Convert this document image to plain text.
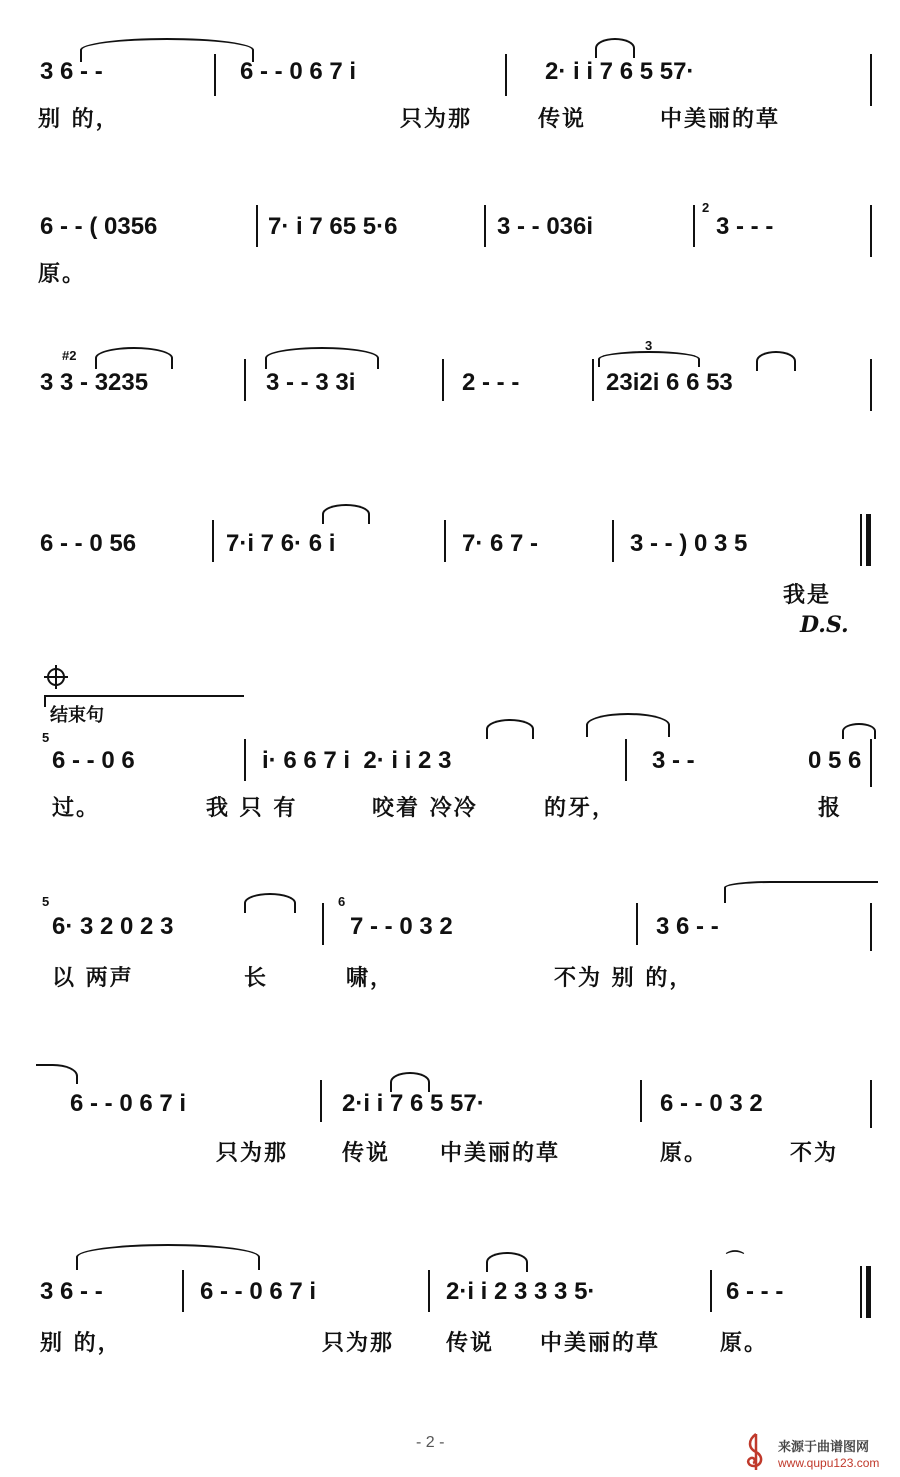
3 6 - -	6 - - 0 6 7 i	2· i i 7 6 5 57·
别 的，	只为那	传说	中美丽的草
6 - - ( 0356	7· i 7 65 5·6	3 - - 036i
2
3 - - -
原。
3
#2
3 3 - 3235	3 - - 3 3i	2 - - -	23i2i 6 6 53
6 - - 0 56	7·i 7 6· 6 i	7· 6 7 -	3 - - ) 0 3 5
我是
D.S.
结束句
5
6 - - 0 6	i· 6 6 7 i  2· i i 2 3	3 - -	0 5 6
过。	我 只 有	咬着 冷冷	的牙，	报
5	6
6· 3 2 0 2 3	7 - - 0 3 2	3 6 - -
以 两声	长	啸，	不为 别 的，
6 - - 0 6 7 i	2·i i 7 6 5 57·	6 - - 0 3 2
只为那 传说 中美丽的草	原。	不为
⌒
3 6 - -	6 - - 0 6 7 i	2·i i 2 3 3 3 5·	6 - - -
别 的，	只为那 传说 中美丽的草	原。
- 2 -	来源于曲谱图网
www.qupu123.com
